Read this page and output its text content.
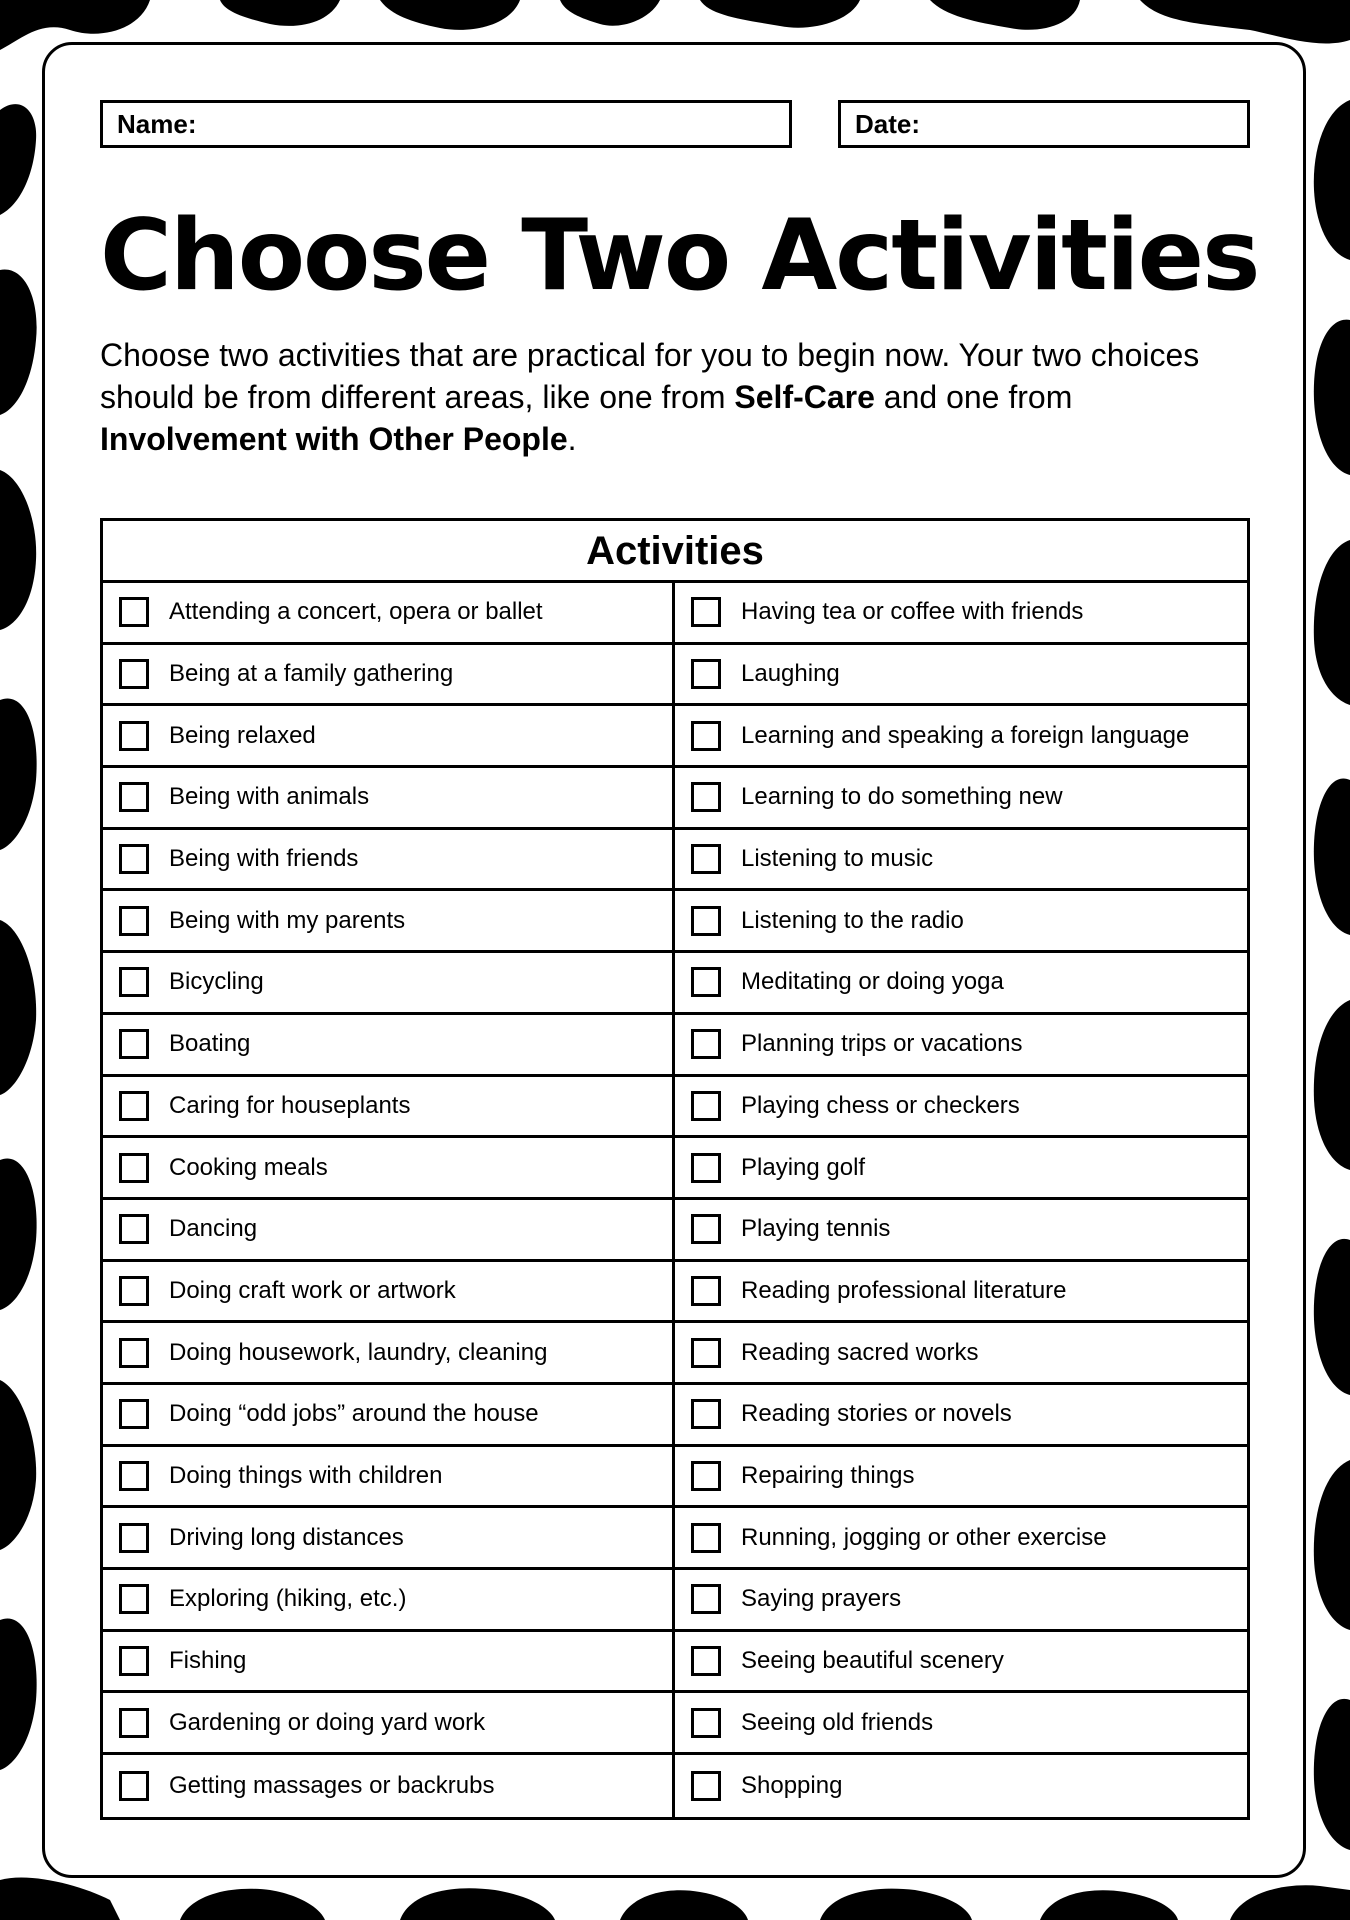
Name:	Date:
Choose Two Activities

Choose two activities that are practical for you to begin now. Your two choices should be from different areas, like one from Self-Care and one from Involvement with Other People.

Activities
Attending a concert, opera or ballet
Being at a family gathering
Being relaxed
Being with animals
Being with friends
Being with my parents
Bicycling
Boating
Caring for houseplants
Cooking meals
Dancing
Doing craft work or artwork
Doing housework, laundry, cleaning
Doing “odd jobs” around the house
Doing things with children
Driving long distances
Exploring (hiking, etc.)
Fishing
Gardening or doing yard work
Getting massages or backrubs
Having tea or coffee with friends
Laughing
Learning and speaking a foreign language
Learning to do something new
Listening to music
Listening to the radio
Meditating or doing yoga
Planning trips or vacations
Playing chess or checkers
Playing golf
Playing tennis
Reading professional literature
Reading sacred works
Reading stories or novels
Repairing things
Running, jogging or other exercise
Saying prayers
Seeing beautiful scenery
Seeing old friends
Shopping
